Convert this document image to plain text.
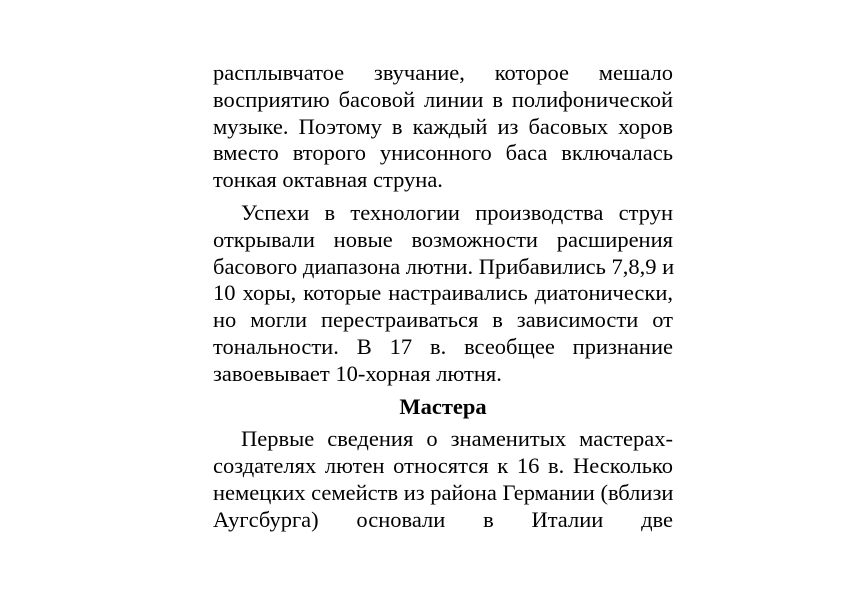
расплывчатое звучание, которое мешало
восприятию басовой линии в полифонической
музыке. Поэтому в каждый из басовых хоров
вместо второго унисонного баса включалась
тонкая октавная струна.
Успехи в технологии производства струн
открывали новые возможности расширения
басового диапазона лютни. Прибавились 7,8,9 и
10 хоры, которые настраивались диатонически,
но могли перестраиваться в зависимости от
тональности. В 17 в. всеобщее признание
завоевывает 10-хорная лютня.
Мастера
Первые сведения о знаменитых мастерах-
создателях лютен относятся к 16 в. Несколько
немецких семейств из района Германии (вблизи
Аугсбурга) основали в Италии две
